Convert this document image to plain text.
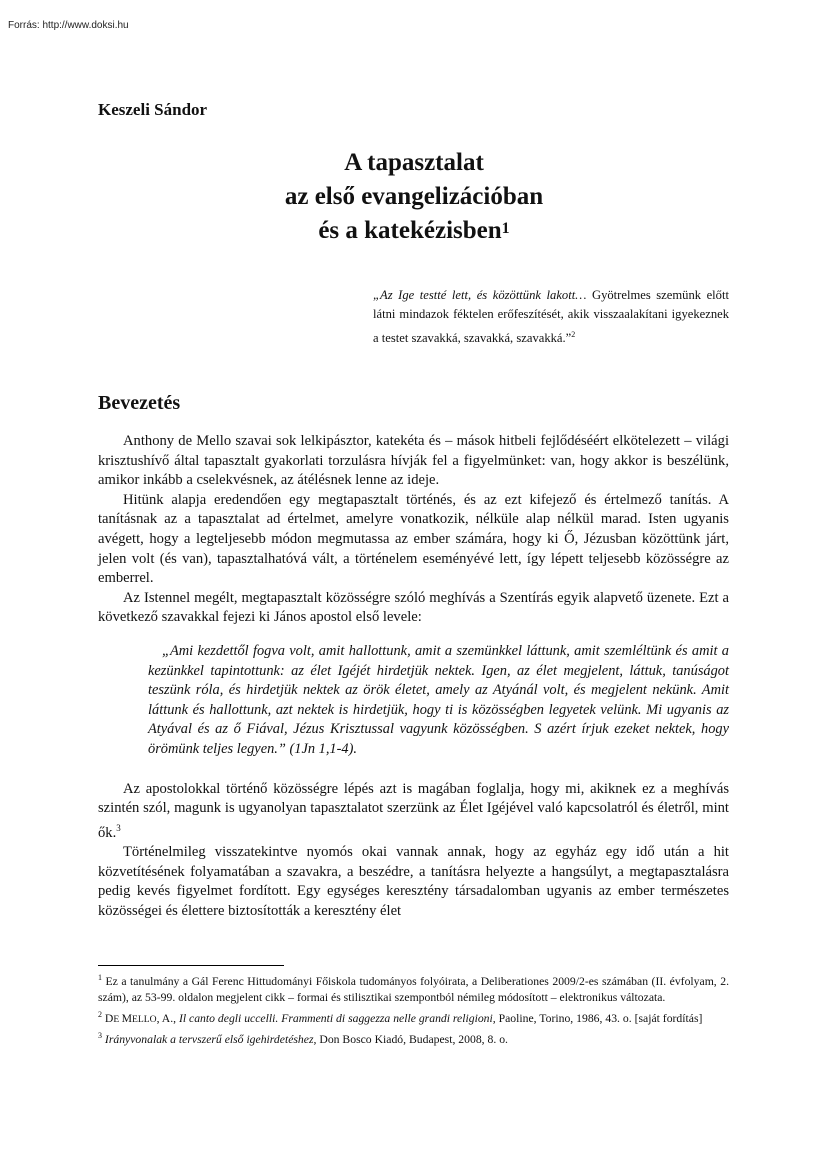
Forrás: http://www.doksi.hu
Keszeli Sándor
A tapasztalat
az első evangelizációban
és a katekézisben$^1$
„Az Ige testté lett, és közöttünk lakott… Gyötrelmes szemünk előtt látni mindazok féktelen erőfeszítését, akik visszaalakítani igyekeznek a testet szavakká, szavakká, szavakká.”$^2$
Bevezetés

Anthony de Mello szavai sok lelkipásztor, katekéta és – mások hitbeli fejlődéséért elkötelezett – világi krisztushívő által tapasztalt gyakorlati torzulásra hívják fel a figyelmünket: van, hogy akkor is beszélünk, amikor inkább a cselekvésnek, az átélésnek lenne az ideje.

Hitünk alapja eredendően egy megtapasztalt történés, és az ezt kifejező és értelmező tanítás. A tanításnak az a tapasztalat ad értelmet, amelyre vonatkozik, nélküle alap nélkül marad. Isten ugyanis avégett, hogy a legteljesebb módon megmutassa az ember számára, hogy ki Ő, Jézusban közöttünk járt, jelen volt (és van), tapasztalhatóvá vált, a történelem eseményévé lett, így lépett teljesebb közösségre az emberrel.

Az Istennel megélt, megtapasztalt közösségre szóló meghívás a Szentírás egyik alapvető üzenete. Ezt a következő szavakkal fejezi ki János apostol első levele:

„Ami kezdettől fogva volt, amit hallottunk, amit a szemünkkel láttunk, amit szemléltünk és amit a kezünkkel tapintottunk: az élet Igéjét hirdetjük nektek. Igen, az élet megjelent, láttuk, tanúságot teszünk róla, és hirdetjük nektek az örök életet, amely az Atyánál volt, és megjelent nekünk. Amit láttunk és hallottunk, azt nektek is hirdetjük, hogy ti is közösségben legyetek velünk. Mi ugyanis az Atyával és az ő Fiával, Jézus Krisztussal vagyunk közösségben. S azért írjuk ezeket nektek, hogy örömünk teljes legyen.” (1Jn 1,1-4).

Az apostolokkal történő közösségre lépés azt is magában foglalja, hogy mi, akiknek ez a meghívás szintén szól, magunk is ugyanolyan tapasztalatot szerzünk az Élet Igéjével való kapcsolatról és életről, mint ők.$^3$

Történelmileg visszatekintve nyomós okai vannak annak, hogy az egyház egy idő után a hit közvetítésének folyamatában a szavakra, a beszédre, a tanításra helyezte a hangsúlyt, a megtapasztalásra pedig kevés figyelmet fordított. Egy egységes keresztény társadalomban ugyanis az ember természetes közösségei és élettere biztosították a keresztény élet

$^1$ Ez a tanulmány a Gál Ferenc Hittudományi Főiskola tudományos folyóirata, a Deliberationes 2009/2-es számában (II. évfolyam, 2. szám), az 53-99. oldalon megjelent cikk – formai és stilisztikai szempontból némileg módosított – elektronikus változata.

$^2$ DE MELLO, A., Il canto degli uccelli. Frammenti di saggezza nelle grandi religioni, Paoline, Torino, 1986, 43. o. [saját fordítás]

$^3$ Irányvonalak a tervszerű első igehirdetéshez, Don Bosco Kiadó, Budapest, 2008, 8. o.
